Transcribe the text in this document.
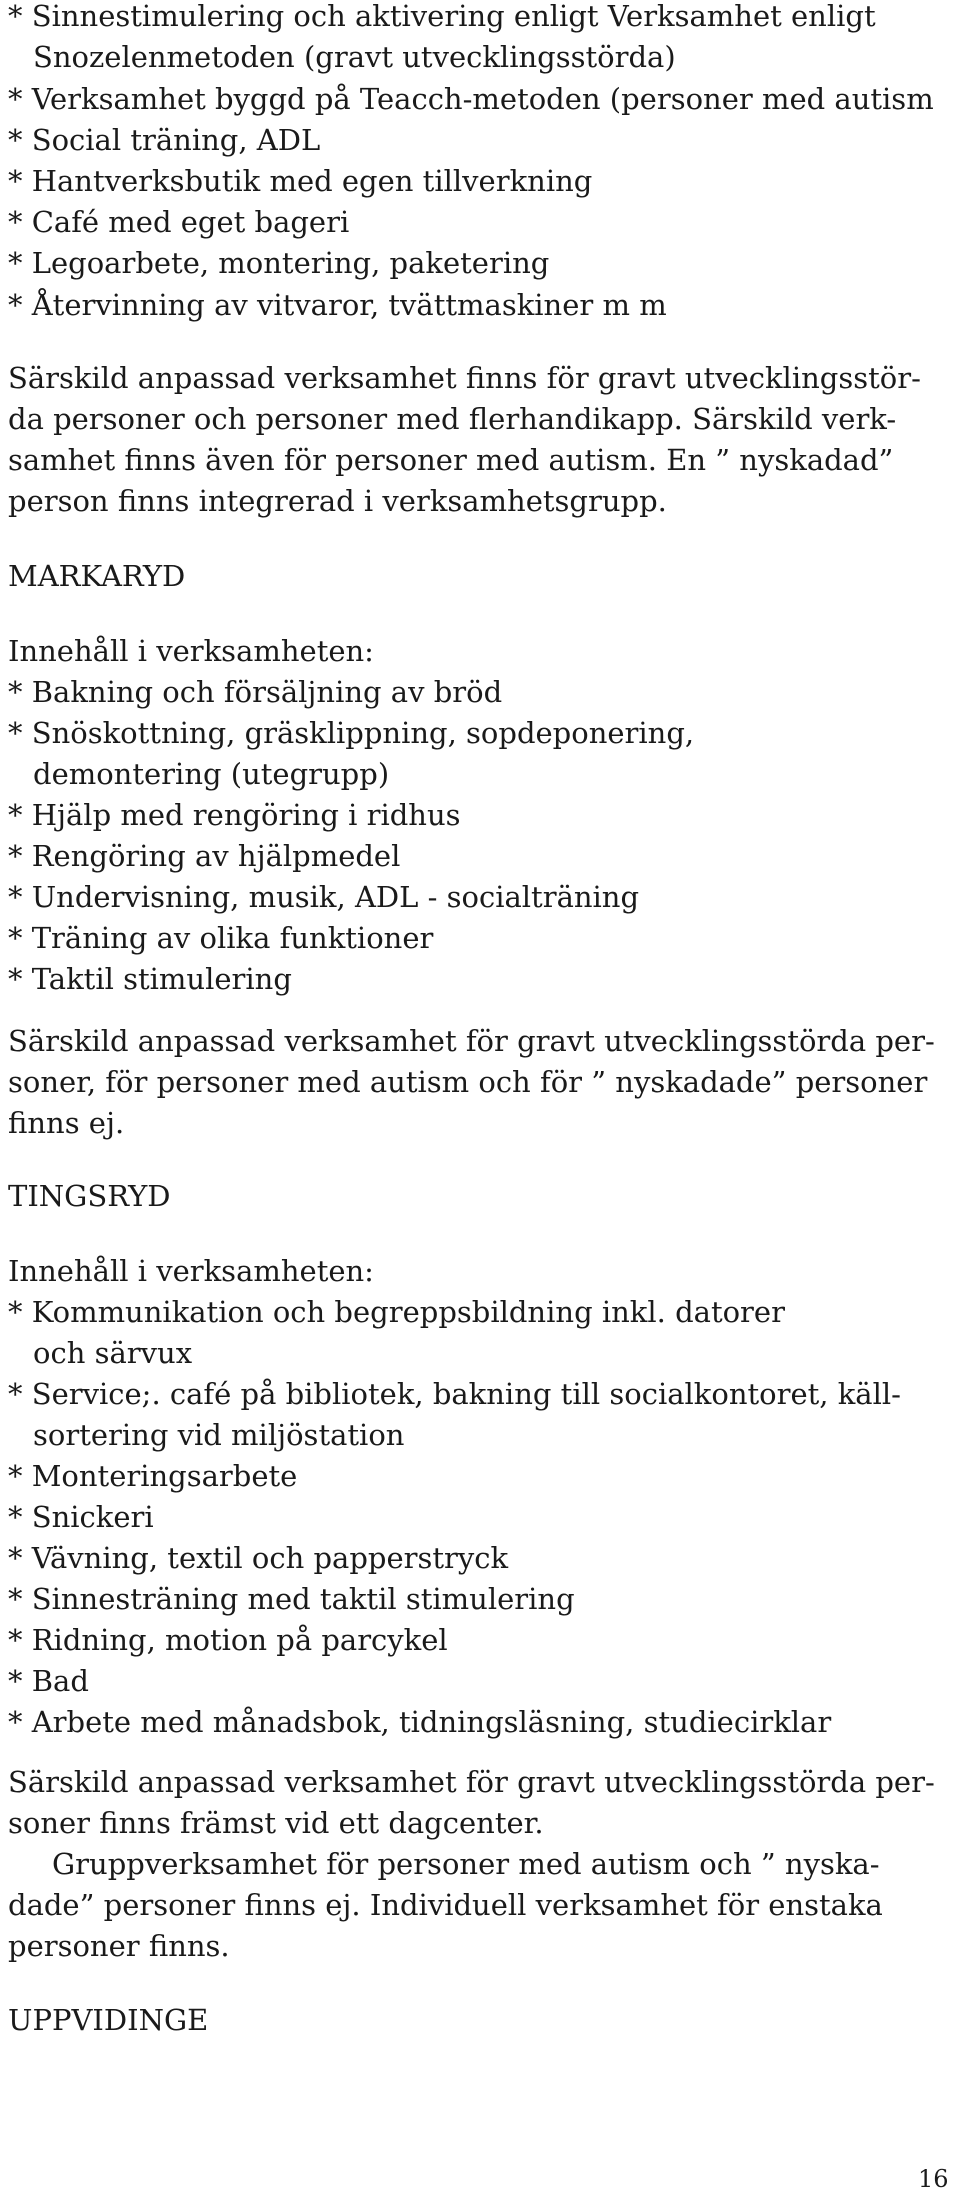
* Sinnestimulering och aktivering enligt Verksamhet enligt
Snozelenmetoden (gravt utvecklingsstörda)
* Verksamhet byggd på Teacch-metoden (personer med autism
* Social träning, ADL
* Hantverksbutik med egen tillverkning
* Café med eget bageri
* Legoarbete, montering, paketering
* Återvinning av vitvaror, tvättmaskiner m m
Särskild anpassad verksamhet finns för gravt utvecklingsstör-
da personer och personer med flerhandikapp. Särskild verk-
samhet finns även för personer med autism. En ” nyskadad”
person finns integrerad i verksamhetsgrupp.
MARKARYD
Innehåll i verksamheten:
* Bakning och försäljning av bröd
* Snöskottning, gräsklippning, sopdeponering,
demontering (utegrupp)
* Hjälp med rengöring i ridhus
* Rengöring av hjälpmedel
* Undervisning, musik, ADL - socialträning
* Träning av olika funktioner
* Taktil stimulering
Särskild anpassad verksamhet för gravt utvecklingsstörda per-
soner, för personer med autism och för ” nyskadade” personer
finns ej.
TINGSRYD
Innehåll i verksamheten:
* Kommunikation och begreppsbildning inkl. datorer
och särvux
* Service;. café på bibliotek, bakning till socialkontoret, käll-
sortering vid miljöstation
* Monteringsarbete
* Snickeri
* Vävning, textil och papperstryck
* Sinnesträning med taktil stimulering
* Ridning, motion på parcykel
* Bad
* Arbete med månadsbok, tidningsläsning, studiecirklar
Särskild anpassad verksamhet för gravt utvecklingsstörda per-
soner finns främst vid ett dagcenter.
Gruppverksamhet för personer med autism och ” nyska-
dade” personer finns ej. Individuell verksamhet för enstaka
personer finns.
UPPVIDINGE
16
